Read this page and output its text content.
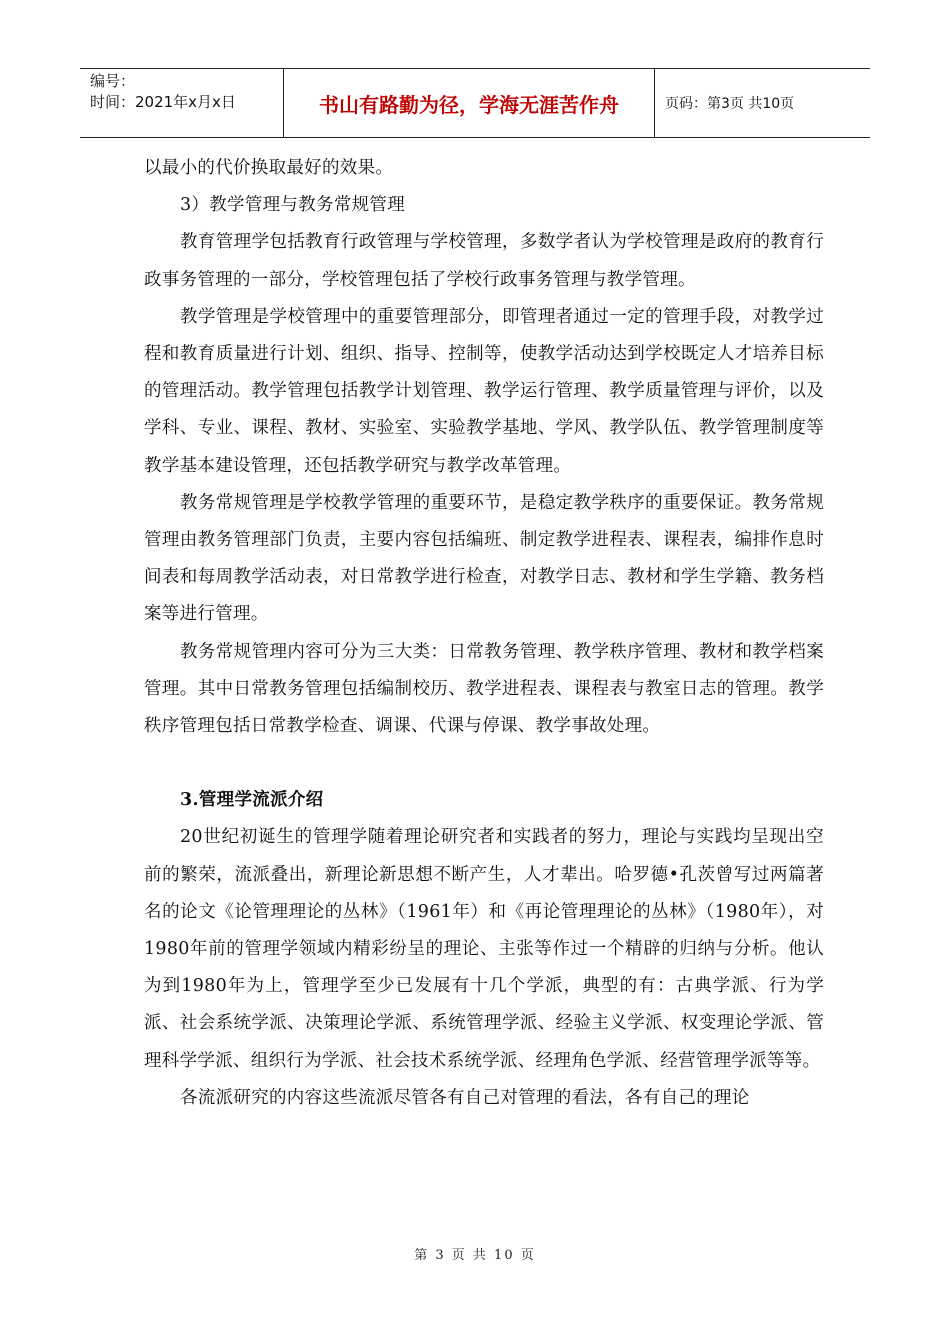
编号：
时间：2021年x月x日	书山有路勤为径，学海无涯苦作舟	页码：第3页 共10页

以最小的代价换取最好的效果。

3）教学管理与教务常规管理

教育管理学包括教育行政管理与学校管理，多数学者认为学校管理是政府的教育行政事务管理的一部分，学校管理包括了学校行政事务管理与教学管理。

教学管理是学校管理中的重要管理部分，即管理者通过一定的管理手段，对教学过程和教育质量进行计划、组织、指导、控制等，使教学活动达到学校既定人才培养目标的管理活动。教学管理包括教学计划管理、教学运行管理、教学质量管理与评价，以及学科、专业、课程、教材、实验室、实验教学基地、学风、教学队伍、教学管理制度等教学基本建设管理，还包括教学研究与教学改革管理。

教务常规管理是学校教学管理的重要环节，是稳定教学秩序的重要保证。教务常规管理由教务管理部门负责，主要内容包括编班、制定教学进程表、课程表，编排作息时间表和每周教学活动表，对日常教学进行检查，对教学日志、教材和学生学籍、教务档案等进行管理。

教务常规管理内容可分为三大类：日常教务管理、教学秩序管理、教材和教学档案管理。其中日常教务管理包括编制校历、教学进程表、课程表与教室日志的管理。教学秩序管理包括日常教学检查、调课、代课与停课、教学事故处理。

3.管理学流派介绍

20世纪初诞生的管理学随着理论研究者和实践者的努力，理论与实践均呈现出空前的繁荣，流派叠出，新理论新思想不断产生，人才辈出。哈罗德•孔茨曾写过两篇著名的论文《论管理理论的丛林》（1961年）和《再论管理理论的丛林》（1980年），对1980年前的管理学领域内精彩纷呈的理论、主张等作过一个精辟的归纳与分析。他认为到1980年为上，管理学至少已发展有十几个学派，典型的有：古典学派、行为学派、社会系统学派、决策理论学派、系统管理学派、经验主义学派、权变理论学派、管理科学学派、组织行为学派、社会技术系统学派、经理角色学派、经营管理学派等等。

各流派研究的内容这些流派尽管各有自己对管理的看法，各有自己的理论

第 3 页 共 10 页
